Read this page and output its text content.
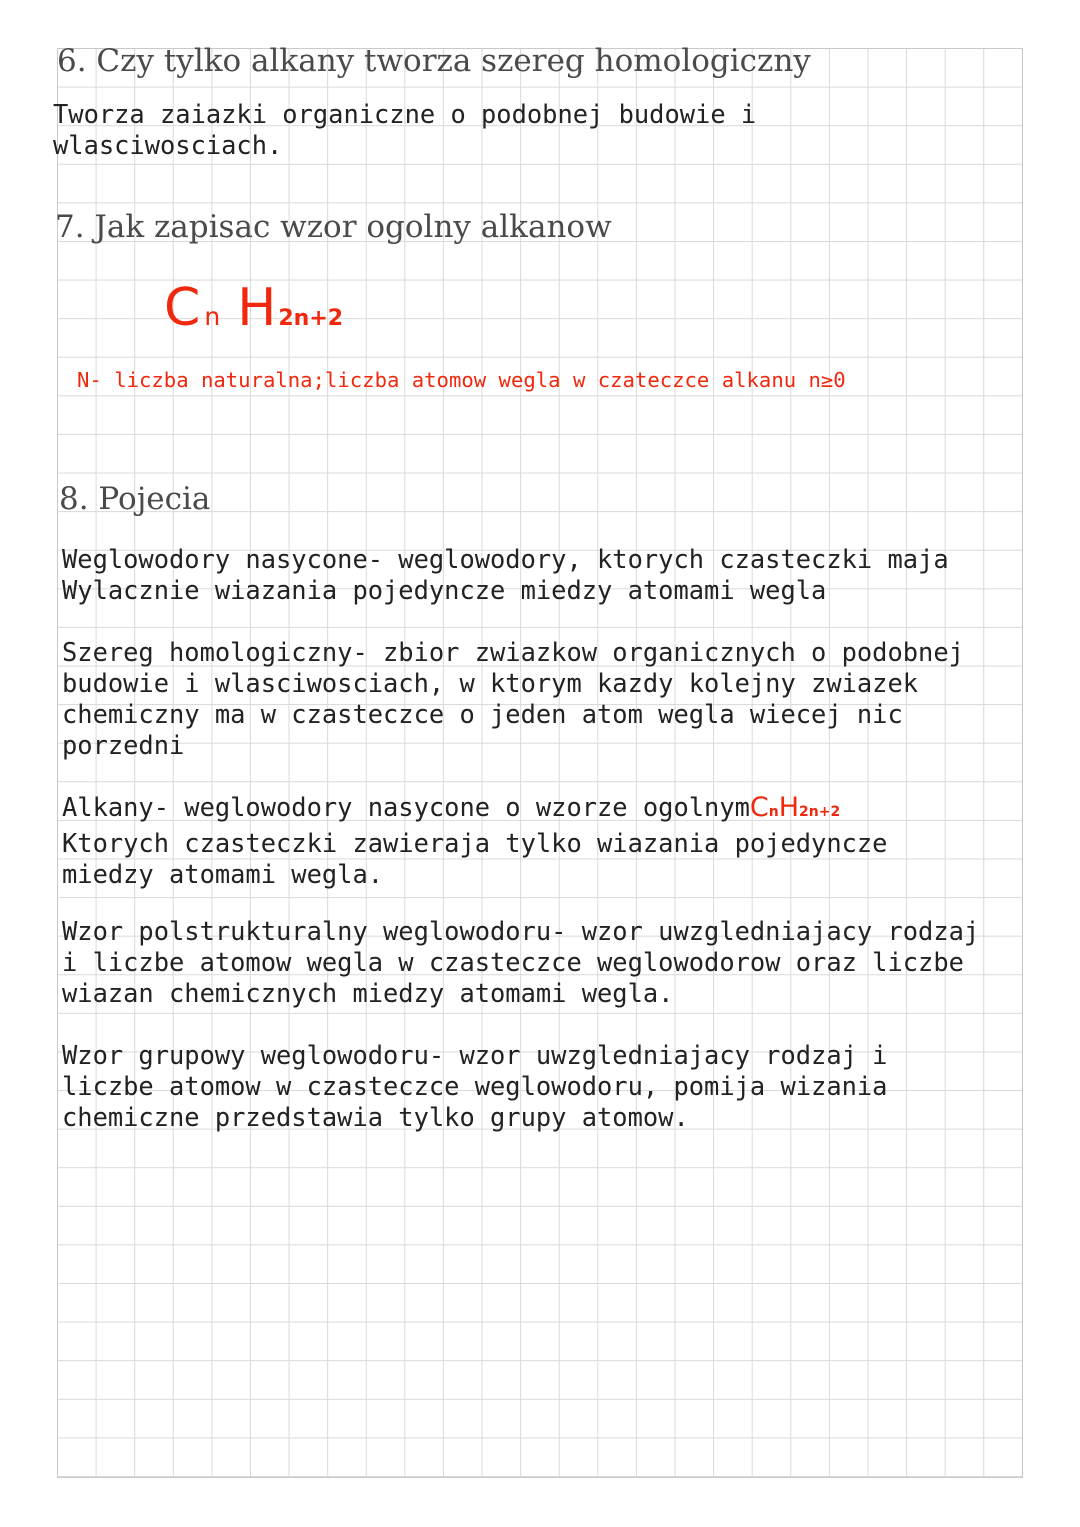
6. Czy tylko alkany tworza szereg homologiczny
Tworza zaiazki organiczne o podobnej budowie i
wlasciwosciach.
7. Jak zapisac wzor ogolny alkanow
Cn H2n+2
N- liczba naturalna;liczba atomow wegla w czateczce alkanu n≥0
8. Pojecia
Weglowodory nasycone- weglowodory, ktorych czasteczki maja
Wylacznie wiazania pojedyncze miedzy atomami wegla
Szereg homologiczny- zbior zwiazkow organicznych o podobnej
budowie i wlasciwosciach, w ktorym kazdy kolejny zwiazek
chemiczny ma w czasteczce o jeden atom wegla wiecej nic
porzedni
Alkany- weglowodory nasycone o wzorze ogolnymCnH2n+2
Ktorych czasteczki zawieraja tylko wiazania pojedyncze
miedzy atomami wegla.
Wzor polstrukturalny weglowodoru- wzor uwzgledniajacy rodzaj
i liczbe atomow wegla w czasteczce weglowodorow oraz liczbe
wiazan chemicznych miedzy atomami wegla.
Wzor grupowy weglowodoru- wzor uwzgledniajacy rodzaj i
liczbe atomow w czasteczce weglowodoru, pomija wizania
chemiczne przedstawia tylko grupy atomow.
